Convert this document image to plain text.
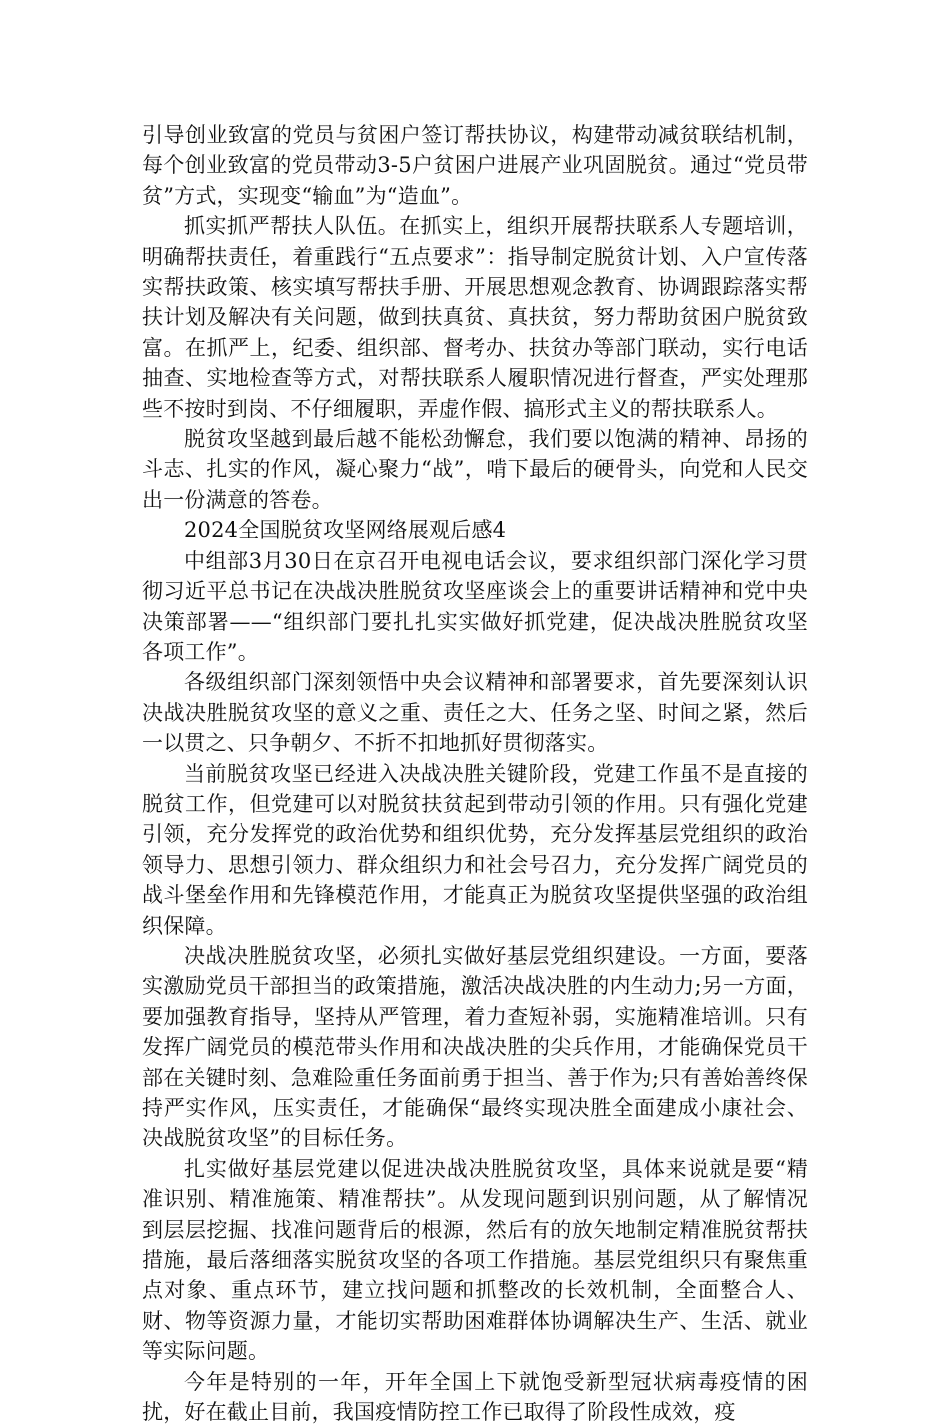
引导创业致富的党员与贫困户签订帮扶协议，构建带动减贫联结机制，每个创业致富的党员带动3-5户贫困户进展产业巩固脱贫。通过“党员带贫”方式，实现变“输血”为“造血”。

抓实抓严帮扶人队伍。在抓实上，组织开展帮扶联系人专题培训，明确帮扶责任，着重践行“五点要求”：指导制定脱贫计划、入户宣传落实帮扶政策、核实填写帮扶手册、开展思想观念教育、协调跟踪落实帮扶计划及解决有关问题，做到扶真贫、真扶贫，努力帮助贫困户脱贫致富。在抓严上，纪委、组织部、督考办、扶贫办等部门联动，实行电话抽查、实地检查等方式，对帮扶联系人履职情况进行督查，严实处理那些不按时到岗、不仔细履职，弄虚作假、搞形式主义的帮扶联系人。

脱贫攻坚越到最后越不能松劲懈怠，我们要以饱满的精神、昂扬的斗志、扎实的作风，凝心聚力“战”，啃下最后的硬骨头，向党和人民交出一份满意的答卷。

2024全国脱贫攻坚网络展观后感4

中组部3月30日在京召开电视电话会议，要求组织部门深化学习贯彻习近平总书记在决战决胜脱贫攻坚座谈会上的重要讲话精神和党中央决策部署——“组织部门要扎扎实实做好抓党建，促决战决胜脱贫攻坚各项工作”。

各级组织部门深刻领悟中央会议精神和部署要求，首先要深刻认识决战决胜脱贫攻坚的意义之重、责任之大、任务之坚、时间之紧，然后一以贯之、只争朝夕、不折不扣地抓好贯彻落实。

当前脱贫攻坚已经进入决战决胜关键阶段，党建工作虽不是直接的脱贫工作，但党建可以对脱贫扶贫起到带动引领的作用。只有强化党建引领，充分发挥党的政治优势和组织优势，充分发挥基层党组织的政治领导力、思想引领力、群众组织力和社会号召力，充分发挥广阔党员的战斗堡垒作用和先锋模范作用，才能真正为脱贫攻坚提供坚强的政治组织保障。

决战决胜脱贫攻坚，必须扎实做好基层党组织建设。一方面，要落实激励党员干部担当的政策措施，激活决战决胜的内生动力;另一方面，要加强教育指导，坚持从严管理，着力查短补弱，实施精准培训。只有发挥广阔党员的模范带头作用和决战决胜的尖兵作用，才能确保党员干部在关键时刻、急难险重任务面前勇于担当、善于作为;只有善始善终保持严实作风，压实责任，才能确保“最终实现决胜全面建成小康社会、决战脱贫攻坚”的目标任务。

扎实做好基层党建以促进决战决胜脱贫攻坚，具体来说就是要“精准识别、精准施策、精准帮扶”。从发现问题到识别问题，从了解情况到层层挖掘、找准问题背后的根源，然后有的放矢地制定精准脱贫帮扶措施，最后落细落实脱贫攻坚的各项工作措施。基层党组织只有聚焦重点对象、重点环节，建立找问题和抓整改的长效机制，全面整合人、财、物等资源力量，才能切实帮助困难群体协调解决生产、生活、就业等实际问题。

今年是特别的一年，开年全国上下就饱受新型冠状病毒疫情的困扰，好在截止目前，我国疫情防控工作已取得了阶段性成效，疫
